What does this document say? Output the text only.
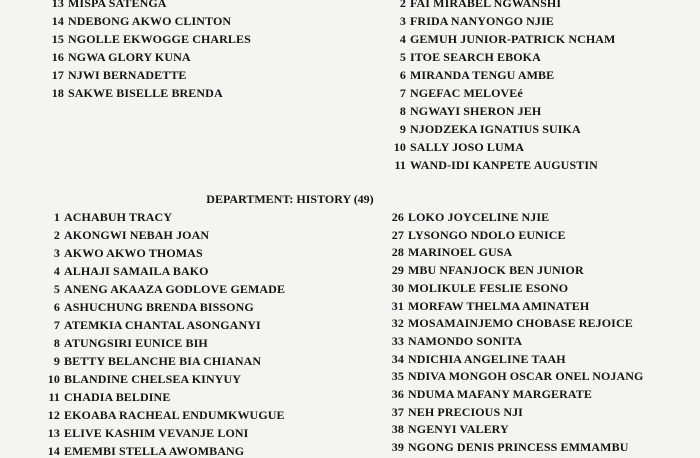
13 MISPA SATENGA
14 NDEBONG AKWO CLINTON
15 NGOLLE EKWOGGE CHARLES
16 NGWA GLORY KUNA
17 NJWI BERNADETTE
18 SAKWE BISELLE BRENDA
2 FAI MIRABEL NGWANSHI
3 FRIDA NANYONGO NJIE
4 GEMUH JUNIOR-PATRICK NCHAM
5 ITOE SEARCH EBOKA
6 MIRANDA TENGU AMBE
7 NGEFAC MELOVEé
8 NGWAYI SHERON JEH
9 NJODZEKA IGNATIUS SUIKA
10 SALLY JOSO LUMA
11 WAND-IDI KANPETE AUGUSTIN
DEPARTMENT: HISTORY (49)
1 ACHABUH TRACY
2 AKONGWI NEBAH JOAN
3 AKWO AKWO THOMAS
4 ALHAJI SAMAILA BAKO
5 ANENG AKAAZA GODLOVE GEMADE
6 ASHUCHUNG BRENDA BISSONG
7 ATEMKIA CHANTAL ASONGANYI
8 ATUNGSIRI EUNICE BIH
9 BETTY BELANCHE BIA CHIANAN
10 BLANDINE CHELSEA KINYUY
11 CHADIA BELDINE
12 EKOABA RACHEAL ENDUMKWUGUE
13 ELIVE KASHIM VEVANJE LONI
14 EMEMBI STELLA AWOMBANG
26 LOKO JOYCELINE NJIE
27 LYSONGO NDOLO EUNICE
28 MARINOEL GUSA
29 MBU NFANJOCK BEN JUNIOR
30 MOLIKULE FESLIE ESONO
31 MORFAW THELMA AMINATEH
32 MOSAMAINJEMO CHOBASE REJOICE
33 NAMONDO SONITA
34 NDICHIA ANGELINE TAAH
35 NDIVA MONGOH OSCAR ONEL NOJANG
36 NDUMA MAFANY MARGERATE
37 NEH PRECIOUS NJI
38 NGENYI VALERY
39 NGONG DENIS PRINCESS EMMAMBU
